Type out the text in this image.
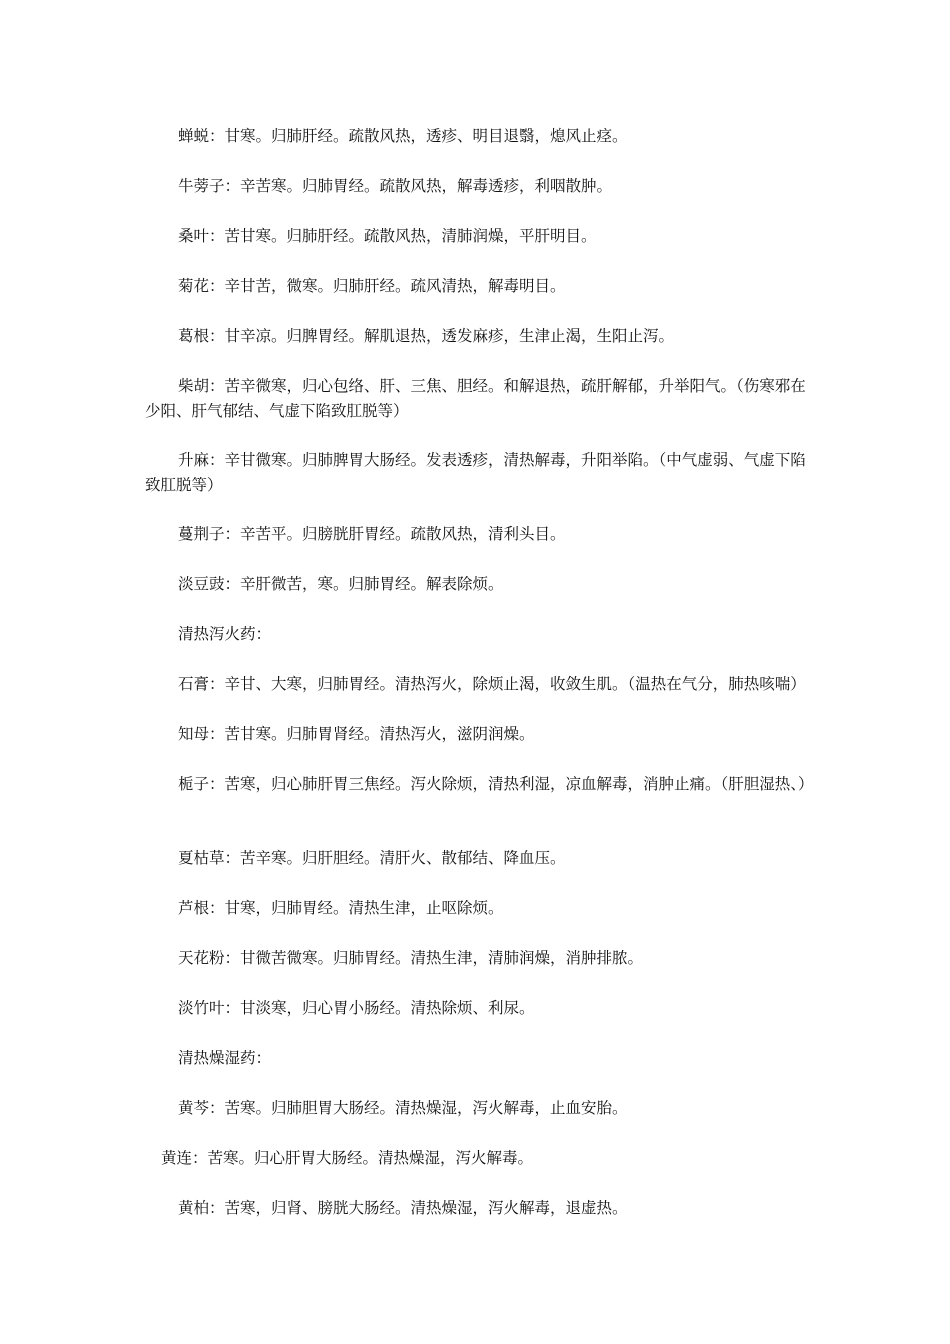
蝉蜕：甘寒。归肺肝经。疏散风热，透疹、明目退翳，熄风止痉。

牛蒡子：辛苦寒。归肺胃经。疏散风热，解毒透疹，利咽散肿。

桑叶：苦甘寒。归肺肝经。疏散风热，清肺润燥，平肝明目。

菊花：辛甘苦，微寒。归肺肝经。疏风清热，解毒明目。

葛根：甘辛凉。归脾胃经。解肌退热，透发麻疹，生津止渴，生阳止泻。

柴胡：苦辛微寒，归心包络、肝、三焦、胆经。和解退热，疏肝解郁，升举阳气。（伤寒邪在少阳、肝气郁结、气虚下陷致肛脱等）

升麻：辛甘微寒。归肺脾胃大肠经。发表透疹，清热解毒，升阳举陷。（中气虚弱、气虚下陷致肛脱等）

蔓荆子：辛苦平。归膀胱肝胃经。疏散风热，清利头目。

淡豆豉：辛肝微苦，寒。归肺胃经。解表除烦。

清热泻火药：

石膏：辛甘、大寒，归肺胃经。清热泻火，除烦止渴，收敛生肌。（温热在气分，肺热咳喘）

知母：苦甘寒。归肺胃肾经。清热泻火，滋阴润燥。

栀子：苦寒，归心肺肝胃三焦经。泻火除烦，清热利湿，凉血解毒，消肿止痛。（肝胆湿热、）

夏枯草：苦辛寒。归肝胆经。清肝火、散郁结、降血压。

芦根：甘寒，归肺胃经。清热生津，止呕除烦。

天花粉：甘微苦微寒。归肺胃经。清热生津，清肺润燥，消肿排脓。

淡竹叶：甘淡寒，归心胃小肠经。清热除烦、利尿。

清热燥湿药：

黄芩：苦寒。归肺胆胃大肠经。清热燥湿，泻火解毒，止血安胎。

黄连：苦寒。归心肝胃大肠经。清热燥湿，泻火解毒。

黄柏：苦寒，归肾、膀胱大肠经。清热燥湿，泻火解毒，退虚热。
